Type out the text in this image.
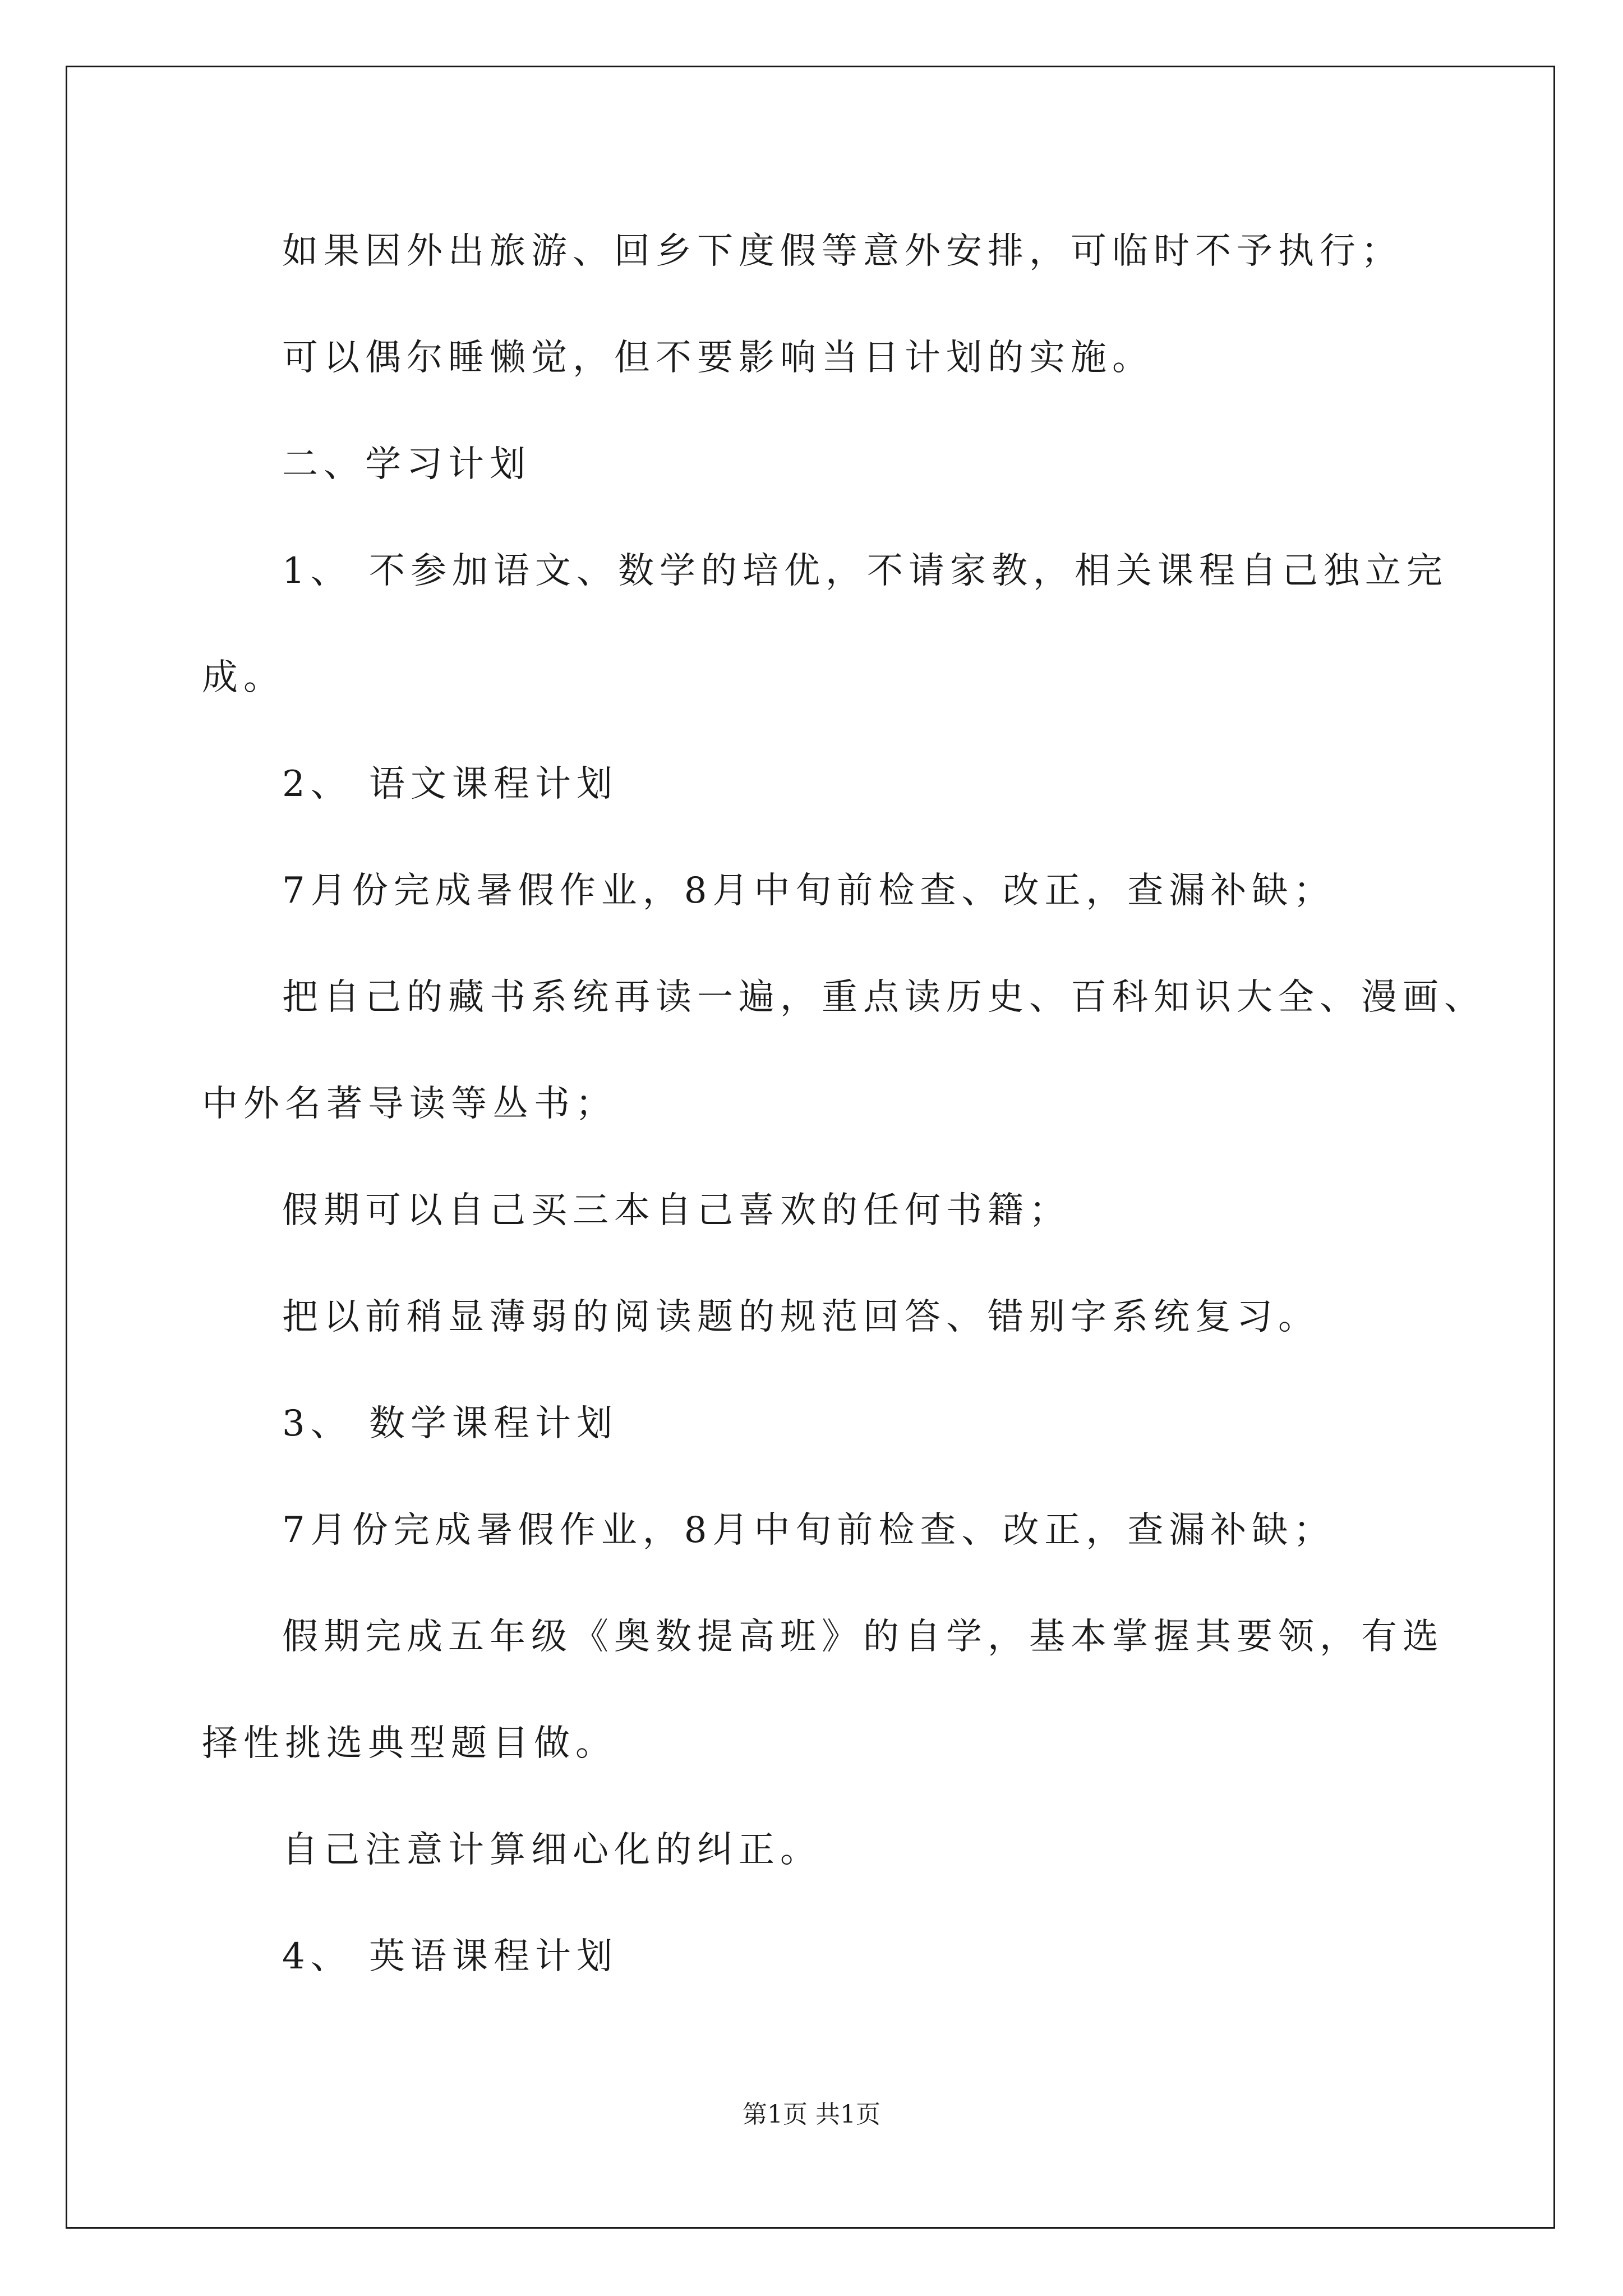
如果因外出旅游、回乡下度假等意外安排，可临时不予执行；
可以偶尔睡懒觉，但不要影响当日计划的实施。
二、学习计划
1、 不参加语文、数学的培优，不请家教，相关课程自己独立完
成。
2、 语文课程计划
7月份完成暑假作业，8月中旬前检查、改正，查漏补缺；
把自己的藏书系统再读一遍，重点读历史、百科知识大全、漫画、
中外名著导读等丛书；
假期可以自己买三本自己喜欢的任何书籍；
把以前稍显薄弱的阅读题的规范回答、错别字系统复习。
3、 数学课程计划
7月份完成暑假作业，8月中旬前检查、改正，查漏补缺；
假期完成五年级《奥数提高班》的自学，基本掌握其要领，有选
择性挑选典型题目做。
自己注意计算细心化的纠正。
4、 英语课程计划
第1页 共1页
